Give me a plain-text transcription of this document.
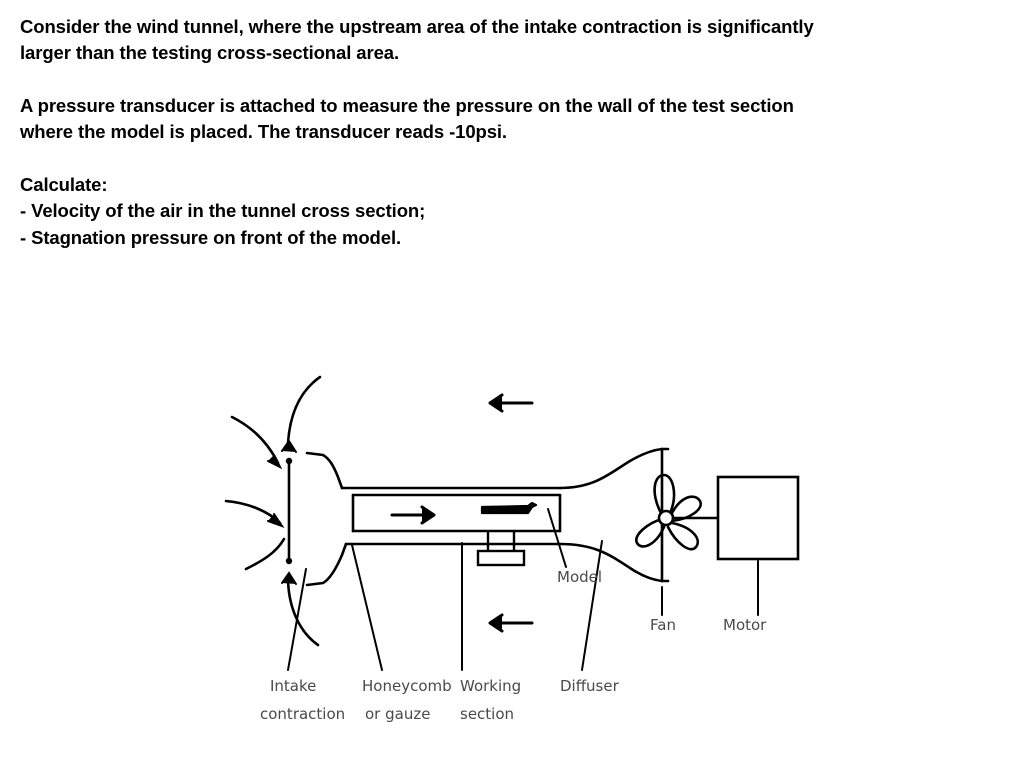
Consider the wind tunnel, where the upstream area of the intake contraction is significantly
larger than the testing cross-sectional area.
A pressure transducer is attached to measure the pressure on the wall of the test section
where the model is placed. The transducer reads -10psi.
Calculate:
- Velocity of the air in the tunnel cross section;
- Stagnation pressure on front of the model.
Model
Fan	Motor
Intake
contraction
Honeycomb
or gauze
Working
section
Diffuser
